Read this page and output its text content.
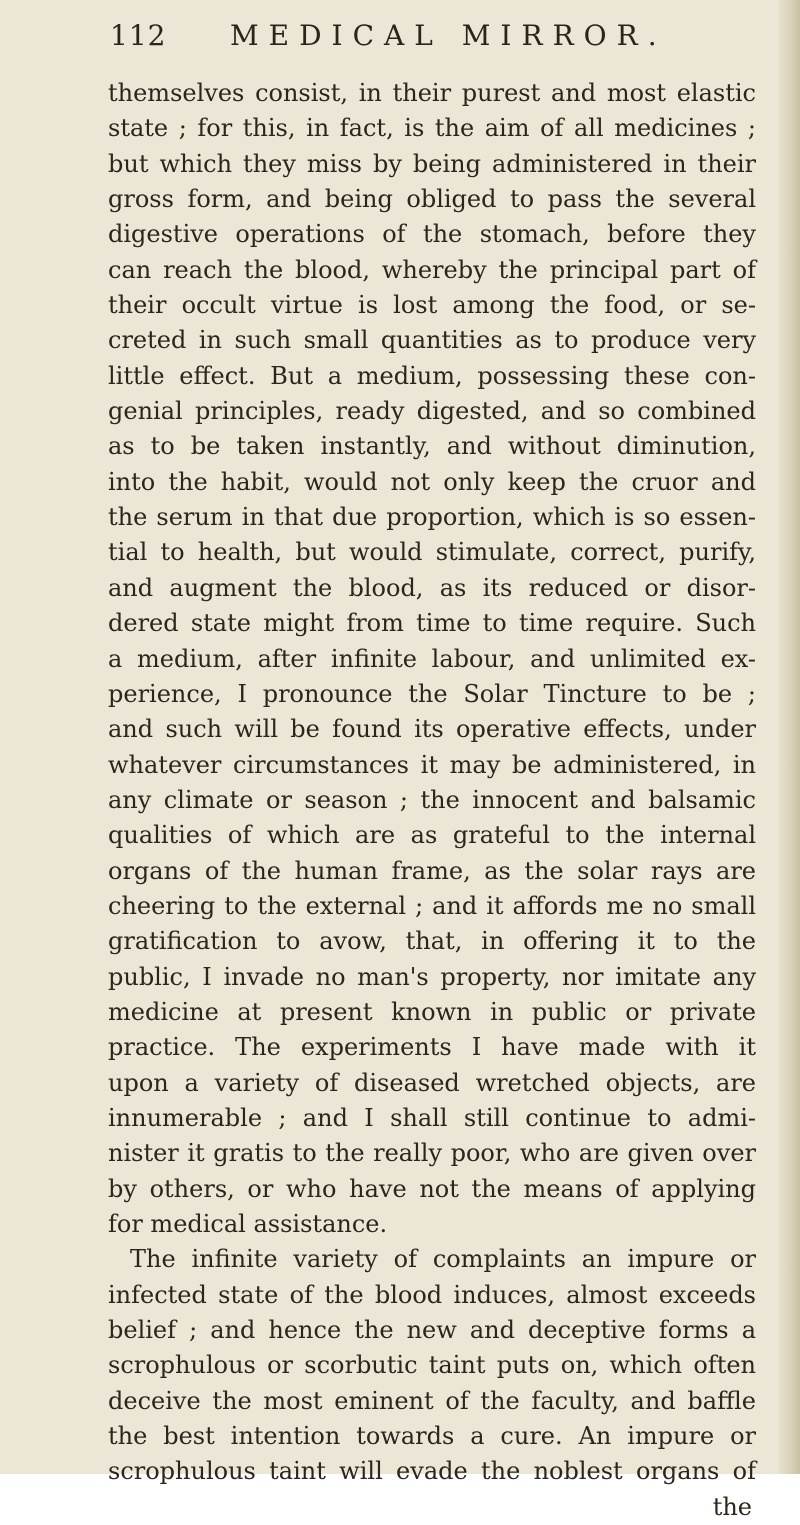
112 MEDICAL MIRROR.
themselves consist, in their purest and most elastic
state ; for this, in fact, is the aim of all medicines ;
but which they miss by being administered in their
gross form, and being obliged to pass the several
digestive operations of the stomach, before they
can reach the blood, whereby the principal part of
their occult virtue is lost among the food, or se-
creted in such small quantities as to produce very
little effect. But a medium, possessing these con-
genial principles, ready digested, and so combined
as to be taken instantly, and without diminution,
into the habit, would not only keep the cruor and
the serum in that due proportion, which is so essen-
tial to health, but would stimulate, correct, purify,
and augment the blood, as its reduced or disor-
dered state might from time to time require. Such
a medium, after infinite labour, and unlimited ex-
perience, I pronounce the Solar Tincture to be ;
and such will be found its operative effects, under
whatever circumstances it may be administered, in
any climate or season ; the innocent and balsamic
qualities of which are as grateful to the internal
organs of the human frame, as the solar rays are
cheering to the external ; and it affords me no small
gratification to avow, that, in offering it to the
public, I invade no man's property, nor imitate any
medicine at present known in public or private
practice. The experiments I have made with it
upon a variety of diseased wretched objects, are
innumerable ; and I shall still continue to admi-
nister it gratis to the really poor, who are given over
by others, or who have not the means of applying
for medical assistance.
The infinite variety of complaints an impure or
infected state of the blood induces, almost exceeds
belief ; and hence the new and deceptive forms a
scrophulous or scorbutic taint puts on, which often
deceive the most eminent of the faculty, and baffle
the best intention towards a cure. An impure or
scrophulous taint will evade the noblest organs of
the
